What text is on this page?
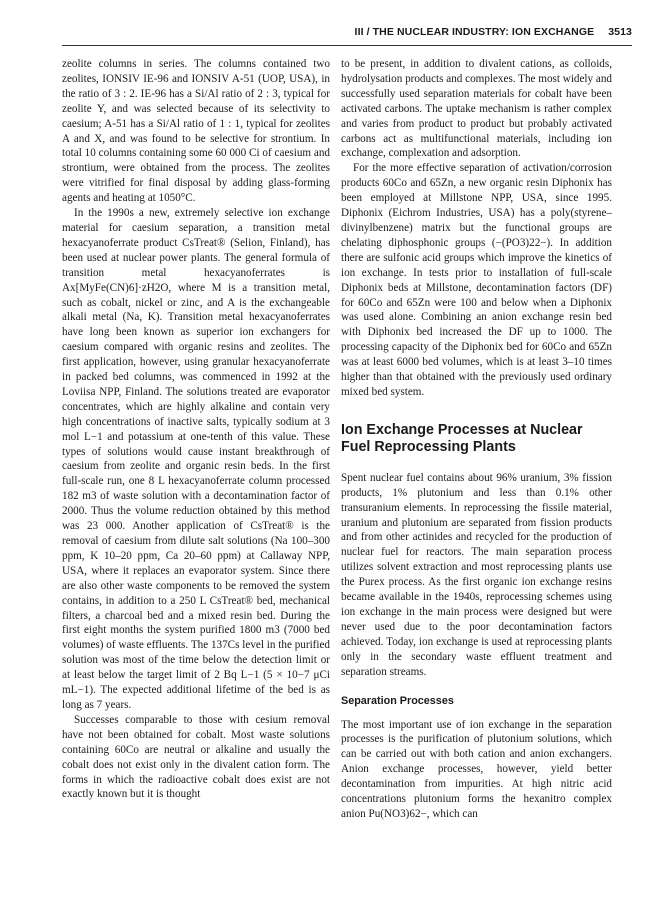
III / THE NUCLEAR INDUSTRY: ION EXCHANGE 3513

zeolite columns in series. The columns contained two zeolites, IONSIV IE-96 and IONSIV A-51 (UOP, USA), in the ratio of 3 : 2. IE-96 has a Si/Al ratio of 2 : 3, typical for zeolite Y, and was selected because of its selectivity to caesium; A-51 has a Si/Al ratio of 1 : 1, typical for zeolites A and X, and was found to be selective for strontium. In total 10 columns containing some 60 000 Ci of caesium and strontium, were obtained from the process. The zeolites were vitrified for final disposal by adding glass-forming agents and heating at 1050°C.

In the 1990s a new, extremely selective ion exchange material for caesium separation, a transition metal hexacyanoferrate product CsTreat® (Selion, Finland), has been used at nuclear power plants. The general formula of transition metal hexacyanoferrates is Ax[MyFe(CN)6]·zH2O, where M is a transition metal, such as cobalt, nickel or zinc, and A is the exchangeable alkali metal (Na, K). Transition metal hexacyanoferrates have long been known as superior ion exchangers for caesium compared with organic resins and zeolites. The first application, however, using granular hexacyanoferrate in packed bed columns, was commenced in 1992 at the Loviisa NPP, Finland. The solutions treated are evaporator concentrates, which are highly alkaline and contain very high concentrations of inactive salts, typically sodium at 3 mol L−1 and potassium at one-tenth of this value. These types of solutions would cause instant breakthrough of caesium from zeolite and organic resin beds. In the first full-scale run, one 8 L hexacyanoferrate column processed 182 m3 of waste solution with a decontamination factor of 2000. Thus the volume reduction obtained by this method was 23 000. Another application of CsTreat® is the removal of caesium from dilute salt solutions (Na 100–300 ppm, K 10–20 ppm, Ca 20–60 ppm) at Callaway NPP, USA, where it replaces an evaporator system. Since there are also other waste components to be removed the system contains, in addition to a 250 L CsTreat® bed, mechanical filters, a charcoal bed and a mixed resin bed. During the first eight months the system purified 1800 m3 (7000 bed volumes) of waste effluents. The 137Cs level in the purified solution was most of the time below the detection limit or at least below the target limit of 2 Bq L−1 (5 × 10−7 μCi mL−1). The expected additional lifetime of the bed is as long as 7 years.

Successes comparable to those with cesium removal have not been obtained for cobalt. Most waste solutions containing 60Co are neutral or alkaline and usually the cobalt does not exist only in the divalent cation form. The forms in which the radioactive cobalt does exist are not exactly known but it is thought

to be present, in addition to divalent cations, as colloids, hydrolysation products and complexes. The most widely and successfully used separation materials for cobalt have been activated carbons. The uptake mechanism is rather complex and varies from product to product but probably activated carbons act as multifunctional materials, including ion exchange, complexation and adsorption.

For the more effective separation of activation/corrosion products 60Co and 65Zn, a new organic resin Diphonix has been employed at Millstone NPP, USA, since 1995. Diphonix (Eichrom Industries, USA) has a poly(styrene–divinylbenzene) matrix but the functional groups are chelating diphosphonic groups (−(PO3)22−). In addition there are sulfonic acid groups which improve the kinetics of ion exchange. In tests prior to installation of full-scale Diphonix beds at Millstone, decontamination factors (DF) for 60Co and 65Zn were 100 and below when a Diphonix was used alone. Combining an anion exchange resin bed with Diphonix bed increased the DF up to 1000. The processing capacity of the Diphonix bed for 60Co and 65Zn was at least 6000 bed volumes, which is at least 3–10 times higher than that obtained with the previously used ordinary mixed bed system.

Ion Exchange Processes at Nuclear Fuel Reprocessing Plants

Spent nuclear fuel contains about 96% uranium, 3% fission products, 1% plutonium and less than 0.1% other transuranium elements. In reprocessing the fissile material, uranium and plutonium are separated from fission products and from other actinides and recycled for the production of nuclear fuel for reactors. The main separation process utilizes solvent extraction and most reprocessing plants use the Purex process. As the first organic ion exchange resins became available in the 1940s, reprocessing schemes using ion exchange in the main process were designed but were never used due to the poor decontamination factors achieved. Today, ion exchange is used at reprocessing plants only in the secondary waste effluent treatment and separation streams.

Separation Processes

The most important use of ion exchange in the separation processes is the purification of plutonium solutions, which can be carried out with both cation and anion exchangers. Anion exchange processes, however, yield better decontamination from impurities. At high nitric acid concentrations plutonium forms the hexanitro complex anion Pu(NO3)62−, which can
